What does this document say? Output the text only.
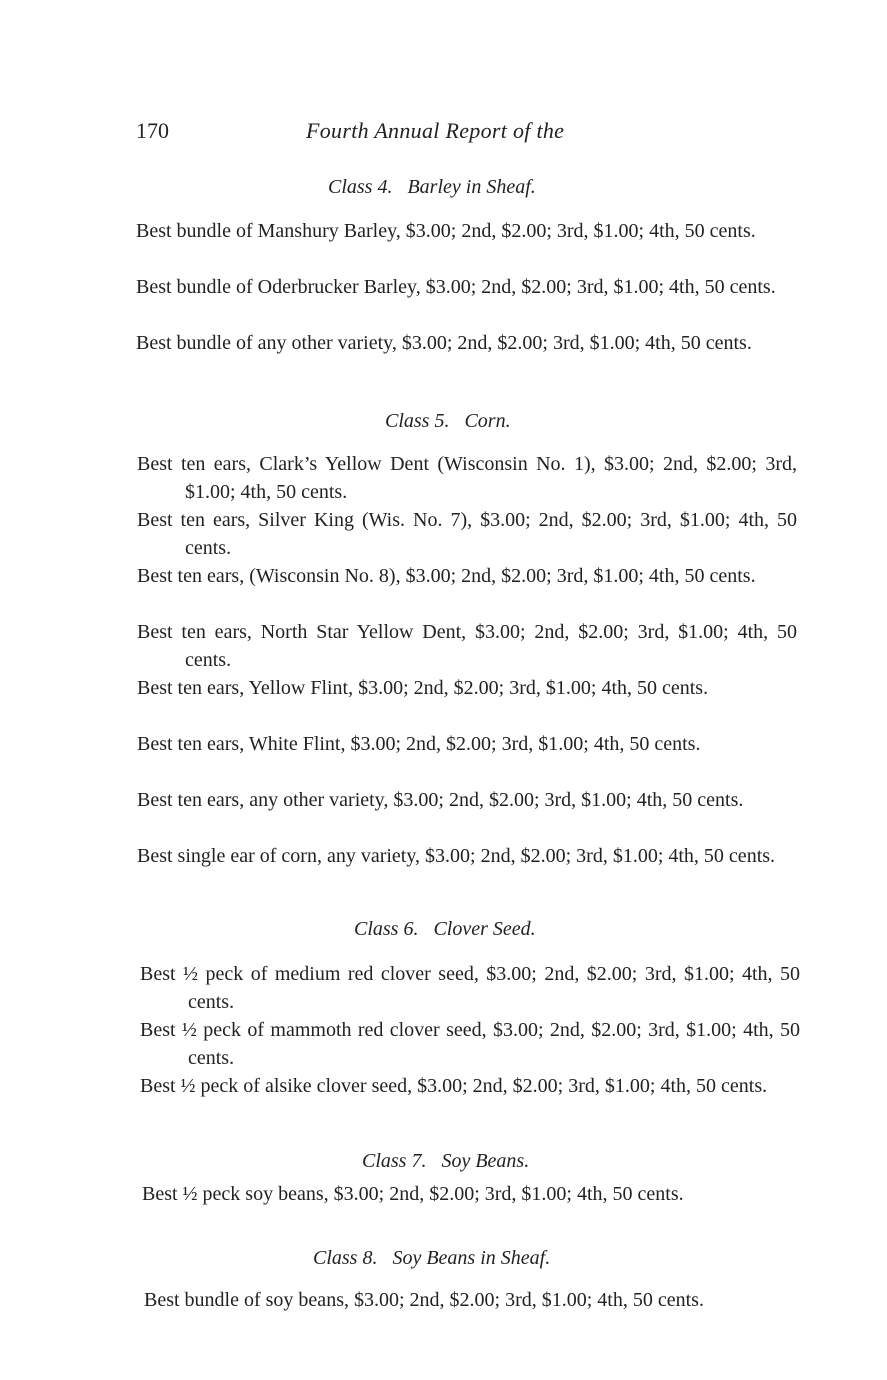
170	Fourth Annual Report of the
Class 4.   Barley in Sheaf.

Best bundle of Manshury Barley, $3.00; 2nd, $2.00; 3rd, $1.00; 4th, 50 cents.

Best bundle of Oderbrucker Barley, $3.00; 2nd, $2.00; 3rd, $1.00; 4th, 50 cents.

Best bundle of any other variety, $3.00; 2nd, $2.00; 3rd, $1.00; 4th, 50 cents.

Class 5.   Corn.

Best ten ears, Clark’s Yellow Dent (Wisconsin No. 1), $3.00; 2nd, $2.00; 3rd, $1.00; 4th, 50 cents.

Best ten ears, Silver King (Wis. No. 7), $3.00; 2nd, $2.00; 3rd, $1.00; 4th, 50 cents.

Best ten ears, (Wisconsin No. 8), $3.00; 2nd, $2.00; 3rd, $1.00; 4th, 50 cents.

Best ten ears, North Star Yellow Dent, $3.00; 2nd, $2.00; 3rd, $1.00; 4th, 50 cents.

Best ten ears, Yellow Flint, $3.00; 2nd, $2.00; 3rd, $1.00; 4th, 50 cents.

Best ten ears, White Flint, $3.00; 2nd, $2.00; 3rd, $1.00; 4th, 50 cents.

Best ten ears, any other variety, $3.00; 2nd, $2.00; 3rd, $1.00; 4th, 50 cents.

Best single ear of corn, any variety, $3.00; 2nd, $2.00; 3rd, $1.00; 4th, 50 cents.

Class 6.   Clover Seed.

Best ½ peck of medium red clover seed, $3.00; 2nd, $2.00; 3rd, $1.00; 4th, 50 cents.

Best ½ peck of mammoth red clover seed, $3.00; 2nd, $2.00; 3rd, $1.00; 4th, 50 cents.

Best ½ peck of alsike clover seed, $3.00; 2nd, $2.00; 3rd, $1.00; 4th, 50 cents.

Class 7.   Soy Beans.

Best ½ peck soy beans, $3.00; 2nd, $2.00; 3rd, $1.00; 4th, 50 cents.

Class 8.   Soy Beans in Sheaf.

Best bundle of soy beans, $3.00; 2nd, $2.00; 3rd, $1.00; 4th, 50 cents.
